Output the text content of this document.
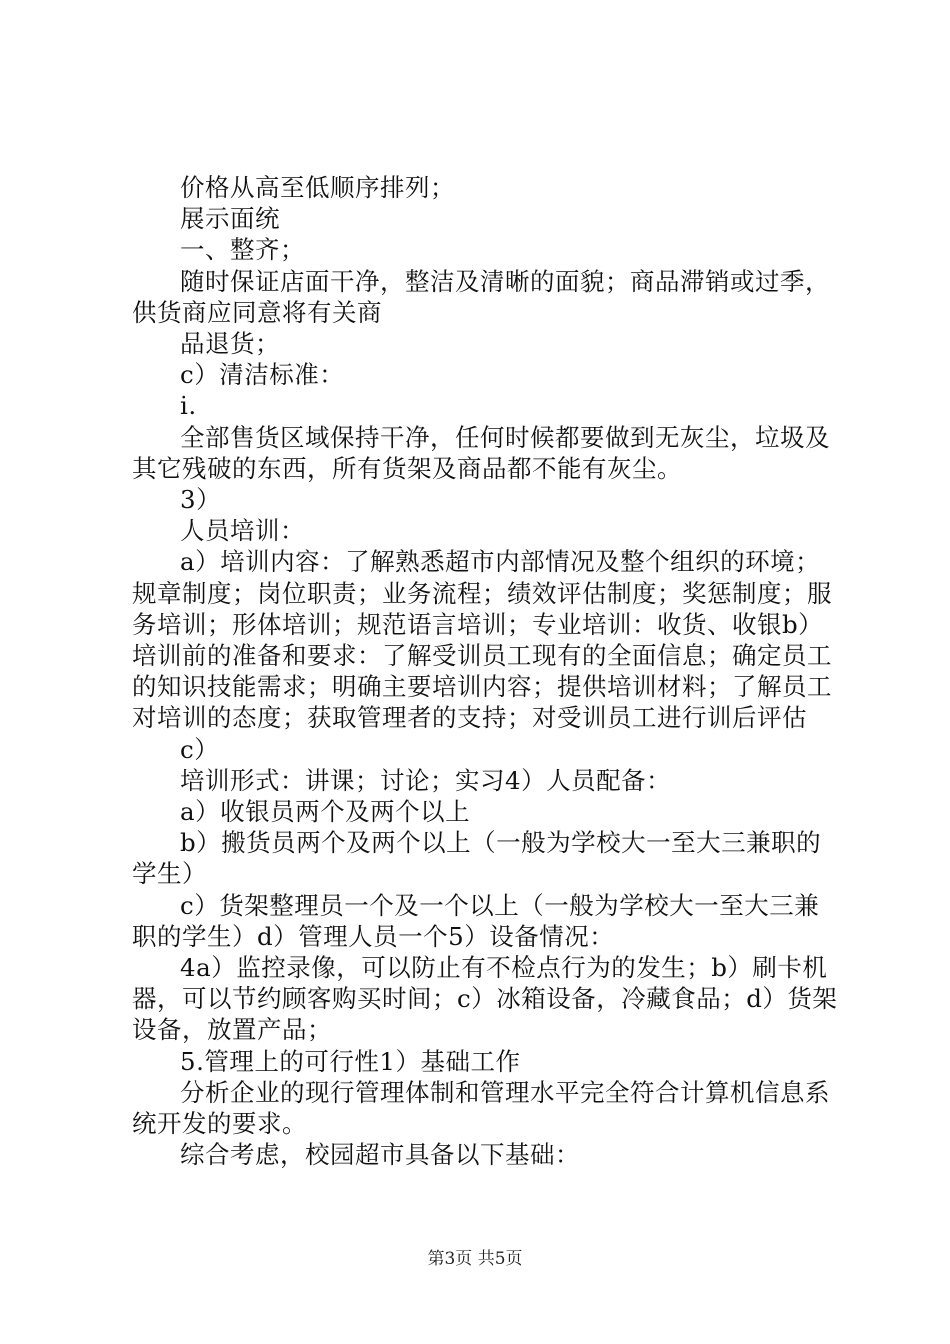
价格从高至低顺序排列；

展示面统

一、整齐；

随时保证店面干净，整洁及清晰的面貌；商品滞销或过季，供货商应同意将有关商

品退货；

c）清洁标准：

i.

全部售货区域保持干净，任何时候都要做到无灰尘，垃圾及其它残破的东西，所有货架及商品都不能有灰尘。

3）

人员培训：

a）培训内容：了解熟悉超市内部情况及整个组织的环境；规章制度；岗位职责；业务流程；绩效评估制度；奖惩制度；服务培训；形体培训；规范语言培训；专业培训：收货、收银b）培训前的准备和要求：了解受训员工现有的全面信息；确定员工的知识技能需求；明确主要培训内容；提供培训材料；了解员工对培训的态度；获取管理者的支持；对受训员工进行训后评估

c）

培训形式：讲课；讨论；实习4）人员配备：

a）收银员两个及两个以上

b）搬货员两个及两个以上（一般为学校大一至大三兼职的学生）

c）货架整理员一个及一个以上（一般为学校大一至大三兼职的学生）d）管理人员一个5）设备情况：

4a）监控录像，可以防止有不检点行为的发生；b）刷卡机器，可以节约顾客购买时间；c）冰箱设备，冷藏食品；d）货架设备，放置产品；

5.管理上的可行性1）基础工作

分析企业的现行管理体制和管理水平完全符合计算机信息系统开发的要求。

综合考虑，校园超市具备以下基础：

第3页 共5页
